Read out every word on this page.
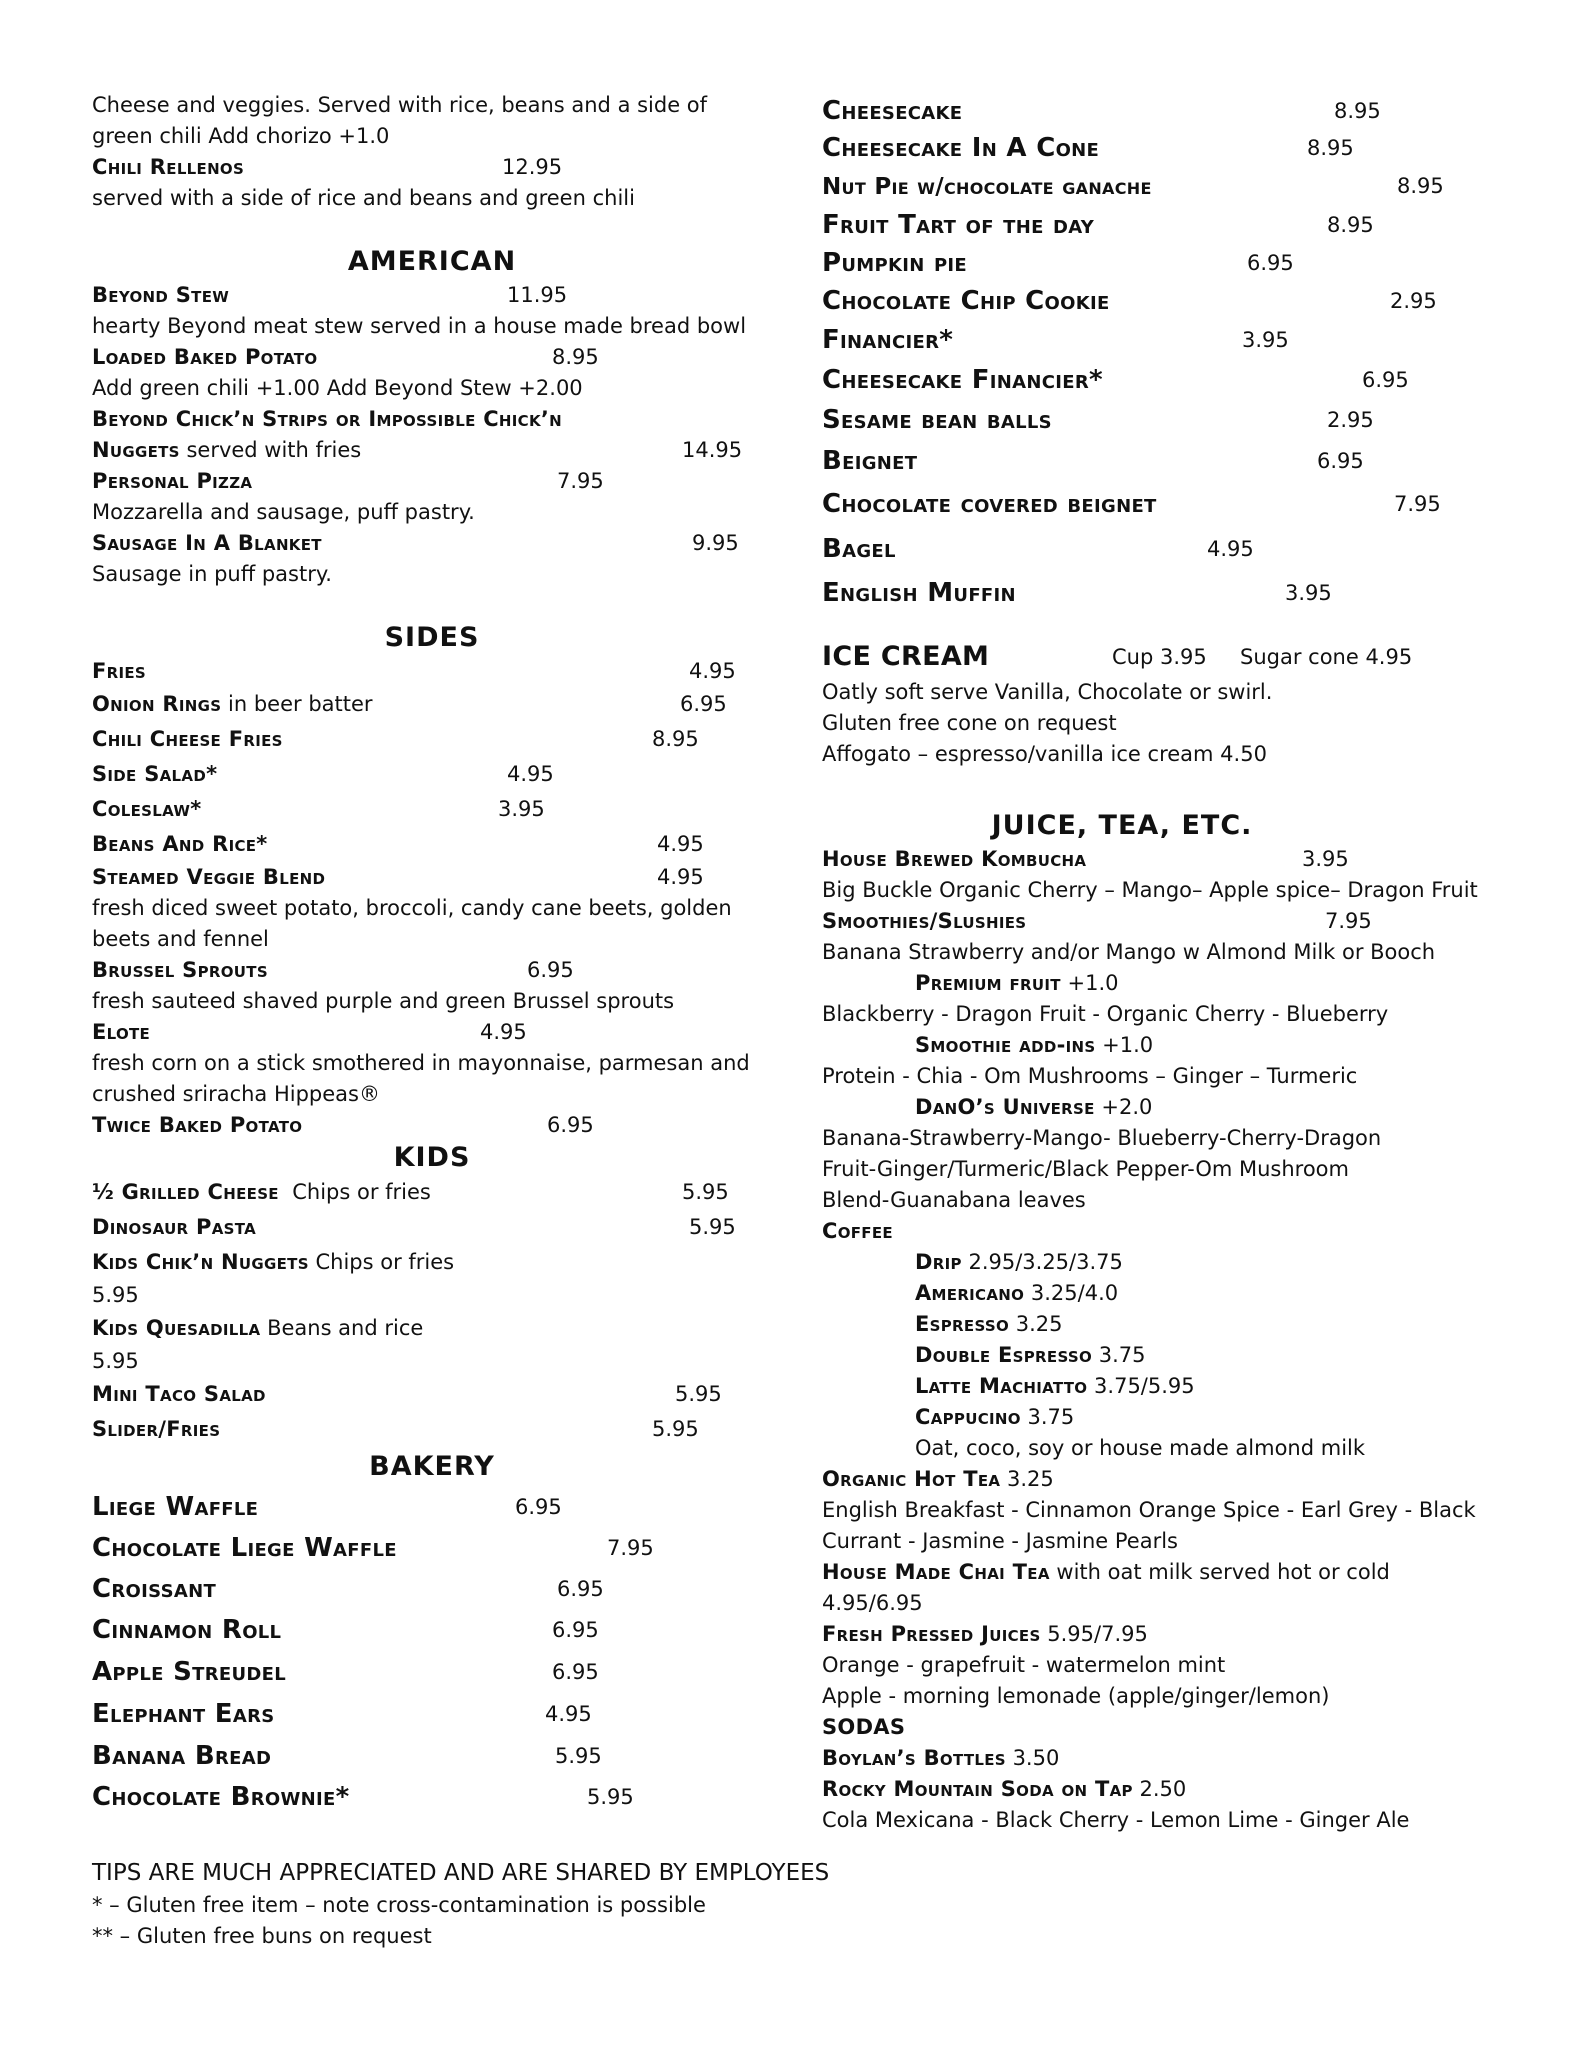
Cheese and veggies. Served with rice, beans and a side of green chili Add chorizo +1.0
Chili Rellenos	12.95
served with a side of rice and beans and green chili
AMERICAN
Beyond Stew	11.95
hearty Beyond meat stew served in a house made bread bowl
Loaded Baked Potato	8.95
Add green chili +1.00 Add Beyond Stew +2.00
Beyond Chick’n Strips or Impossible Chick’n
Nuggets served with fries	14.95
Personal Pizza	7.95
Mozzarella and sausage, puff pastry.
Sausage In A Blanket	9.95
Sausage in puff pastry.
SIDES
Fries	4.95
Onion Rings in beer batter	6.95
Chili Cheese Fries	8.95
Side Salad*	4.95
Coleslaw*	3.95
Beans And Rice*	4.95
Steamed Veggie Blend	4.95
fresh diced sweet potato, broccoli, candy cane beets, golden beets and fennel
Brussel Sprouts	6.95
fresh sauteed shaved purple and green Brussel sprouts
Elote	4.95
fresh corn on a stick smothered in mayonnaise, parmesan and crushed sriracha Hippeas®
Twice Baked Potato	6.95
KIDS
½ Grilled Cheese Chips or fries	5.95
Dinosaur Pasta	5.95
Kids Chik’n Nuggets Chips or fries
5.95
Kids Quesadilla Beans and rice
5.95
Mini Taco Salad	5.95
Slider/Fries	5.95
BAKERY
Liege Waffle	6.95
Chocolate Liege Waffle	7.95
Croissant	6.95
Cinnamon Roll	6.95
Apple Streudel	6.95
Elephant Ears	4.95
Banana Bread	5.95
Chocolate Brownie*	5.95
Cheesecake	8.95
Cheesecake In A Cone	8.95
Nut Pie w/chocolate ganache	8.95
Fruit Tart of the day	8.95
Pumpkin pie	6.95
Chocolate Chip Cookie	2.95
Financier*	3.95
Cheesecake Financier*	6.95
Sesame bean balls	2.95
Beignet	6.95
Chocolate covered beignet	7.95
Bagel	4.95
English Muffin	3.95
ICE CREAM	Cup 3.95 Sugar cone 4.95
Oatly soft serve Vanilla, Chocolate or swirl.
Gluten free cone on request
Affogato – espresso/vanilla ice cream 4.50
JUICE, TEA, ETC.
House Brewed Kombucha	3.95
Big Buckle Organic Cherry – Mango– Apple spice– Dragon Fruit
Smoothies/Slushies	7.95
Banana Strawberry and/or Mango w Almond Milk or Booch
Premium fruit +1.0
Blackberry - Dragon Fruit - Organic Cherry - Blueberry
Smoothie add-ins +1.0
Protein - Chia - Om Mushrooms – Ginger – Turmeric
DanO’s Universe +2.0
Banana-Strawberry-Mango- Blueberry-Cherry-Dragon Fruit-Ginger/Turmeric/Black Pepper-Om Mushroom Blend-Guanabana leaves
Coffee
Drip 2.95/3.25/3.75
Americano 3.25/4.0
Espresso 3.25
Double Espresso 3.75
Latte Machiatto 3.75/5.95
Cappucino 3.75
Oat, coco, soy or house made almond milk
Organic Hot Tea 3.25
English Breakfast - Cinnamon Orange Spice - Earl Grey - Black Currant - Jasmine - Jasmine Pearls
House Made Chai Tea with oat milk served hot or cold
4.95/6.95
Fresh Pressed Juices 5.95/7.95
Orange - grapefruit - watermelon mint
Apple - morning lemonade (apple/ginger/lemon)
SODAS
Boylan’s Bottles 3.50
Rocky Mountain Soda on Tap 2.50
Cola Mexicana - Black Cherry - Lemon Lime - Ginger Ale
TIPS ARE MUCH APPRECIATED AND ARE SHARED BY EMPLOYEES
* – Gluten free item – note cross-contamination is possible
** – Gluten free buns on request
